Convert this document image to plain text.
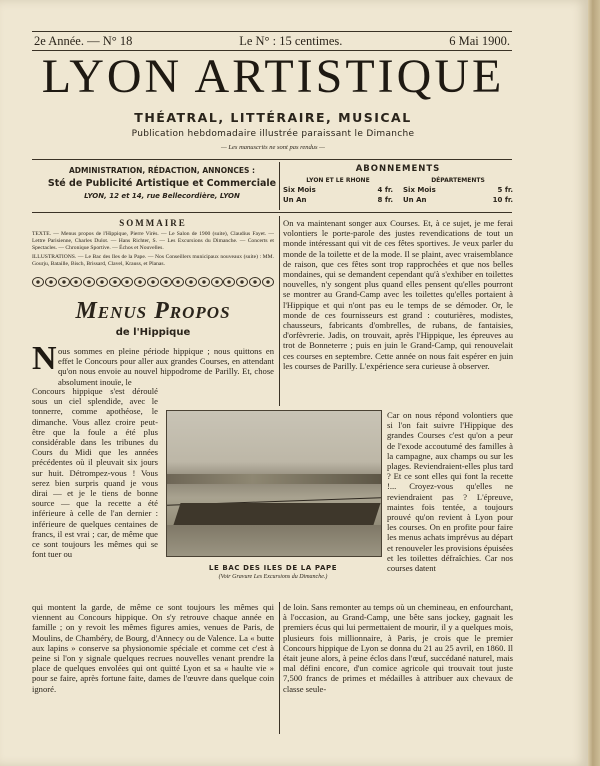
2e Année. — N° 18	Le N° : 15 centimes.	6 Mai 1900.
LYON ARTISTIQUE
THÉATRAL, LITTÉRAIRE, MUSICAL
Publication hebdomadaire illustrée paraissant le Dimanche
— Les manuscrits ne sont pas rendus —
ADMINISTRATION, RÉDACTION, ANNONCES :
Sté de Publicité Artistique et Commerciale
LYON, 12 et 14, rue Bellecordière, LYON
ABONNEMENTS
LYON ET LE RHONE
Six Mois	4 fr.
Un An	8 fr.
DÉPARTEMENTS
Six Mois	5 fr.
Un An	10 fr.
SOMMAIRE
TEXTE. — Menus propos de l'Hippique, Pierre Virès. — Le Salon de 1900 (suite), Claudius Fayet. — Lettre Parisienne, Charles Dulot. — Hans Richter, S. — Les Excursions du Dimanche. — Concerts et Spectacles. — Chronique Sportive. — Échos et Nouvelles.
ILLUSTRATIONS. — Le Bac des Iles de la Pape. — Nos Conseillers municipaux nouveaux (suite) : MM. Gourju, Bataille, Bisch, Brissard, Clavel, Krauss, et Planas.
Menus Propos
de l'Hippique
N ous sommes en pleine période hippique ; nous quittons en effet le Concours pour aller aux grandes Courses, en attendant qu'on nous envoie au nouvel hippodrome de Parilly. Et, chose absolument inouïe, le

Concours hippique s'est déroulé sous un ciel splendide, avec le tonnerre, comme apothéose, le dimanche. Vous allez croire peut-être que la foule a été plus considérable dans les tribunes du Cours du Midi que les années précédentes où il pleuvait six jours sur huit. Détrompez-vous ! Vous serez bien surpris quand je vous dirai — et je le tiens de bonne source — que la recette a été inférieure à celle de l'an dernier : inférieure de quelques centaines de francs, il est vrai ; car, de même que ce sont toujours les mêmes qui se font tuer ou

qui montent la garde, de même ce sont toujours les mêmes qui viennent au Concours hippique. On s'y retrouve chaque année en famille ; on y revoit les mêmes figures amies, venues de Paris, de Moulins, de Chambéry, de Bourg, d'Annecy ou de Valence. La « butte aux lapins » conserve sa physionomie spéciale et comme cet c'est à peine si l'on y signale quelques recrues nouvelles venant prendre la place de quelques envolées qui ont quitté Lyon et sa « haulte vie » pour se faire, après fortune faite, dames de l'œuvre dans quelque coin ignoré.

On va maintenant songer aux Courses. Et, à ce sujet, je me ferai volontiers le porte-parole des justes revendications de tout un monde intéressant qui vit de ces fêtes sportives. Je veux parler du monde de la toilette et de la mode. Il se plaint, avec vraisemblance de raison, que ces fêtes sont trop rapprochées et que nos belles mondaines, qui se demandent cependant qu'à s'exhiber en toilettes nouvelles, n'y songent plus quand elles pensent qu'elles pourront se montrer au Grand-Camp avec les toilettes qu'elles portaient à l'Hippique et qui n'ont pas eu le temps de se démoder. Or, le monde de ces fournisseurs est grand : couturières, modistes, chausseurs, fabricants d'ombrelles, de rubans, de fantaisies, d'orfèvrerie. Jadis, on trouvait, après l'Hippique, les épreuves au trot de Bonneterre ; puis en juin le Grand-Camp, qui renouvelait ces courses en septembre. Cette année on nous fait espérer en juin les courses de Parilly. L'expérience sera curieuse à observer.

Car on nous répond volontiers que si l'on fait suivre l'Hippique des grandes Courses c'est qu'on a peur de l'exode accoutumé des familles à la campagne, aux champs ou sur les plages. Reviendraient-elles plus tard ? Et ce sont elles qui font la recette !... Croyez-vous qu'elles ne reviendraient pas ? L'épreuve, maintes fois tentée, a toujours prouvé qu'on revient à Lyon pour les courses. On en profite pour faire les menus achats imprévus au départ et renouveler les provisions épuisées et les toilettes défraîchies. Car nos courses datent

de loin. Sans remonter au temps où un chemineau, en enfourchant, à l'occasion, au Grand-Camp, une bête sans jockey, gagnait les premiers écus qui lui permettaient de mourir, il y a quelques mois, plusieurs fois millionnaire, à Paris, je crois que le premier Concours hippique de Lyon se donna du 21 au 25 avril, en 1860. Il était jeune alors, à peine éclos dans l'œuf, succédané naturel, mais mal défini encore, d'un comice agricole qui trouvait tout juste 7,500 francs de primes et médailles à attribuer aux chevaux de classe seule-

LE BAC DES ILES DE LA PAPE
(Voir Gravure Les Excursions du Dimanche.)
